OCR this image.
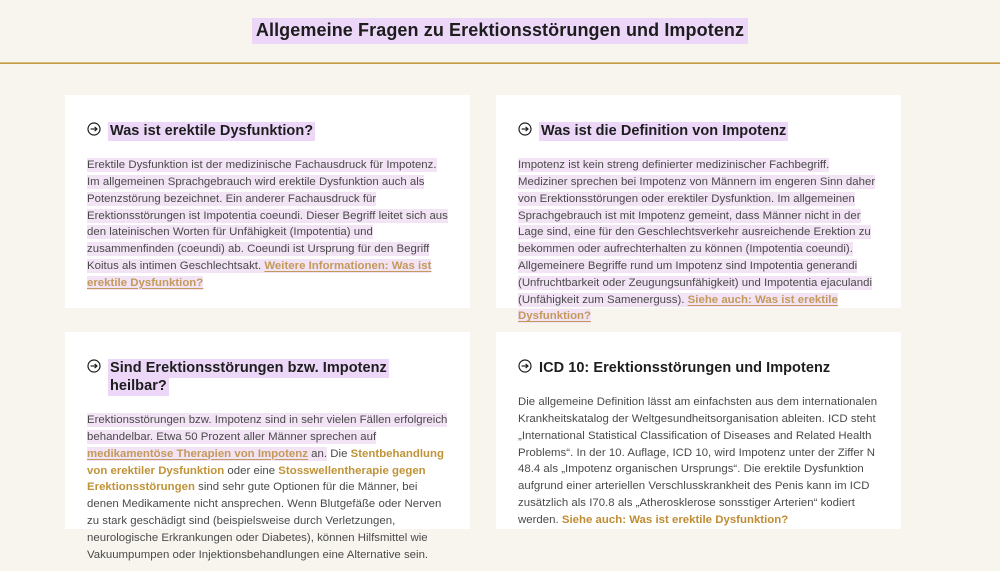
Allgemeine Fragen zu Erektionsstörungen und Impotenz
Was ist erektile Dysfunktion?
Erektile Dysfunktion ist der medizinische Fachausdruck für Impotenz. Im allgemeinen Sprachgebrauch wird erektile Dysfunktion auch als Potenzstörung bezeichnet. Ein anderer Fachausdruck für Erektionsstörungen ist Impotentia coeundi. Dieser Begriff leitet sich aus den lateinischen Worten für Unfähigkeit (Impotentia) und zusammenfinden (coeundi) ab. Coeundi ist Ursprung für den Begriff Koitus als intimen Geschlechtsakt. Weitere Informationen: Was ist erektile Dysfunktion?
Was ist die Definition von Impotenz
Impotenz ist kein streng definierter medizinischer Fachbegriff. Mediziner sprechen bei Impotenz von Männern im engeren Sinn daher von Erektionsstörungen oder erektiler Dysfunktion. Im allgemeinen Sprachgebrauch ist mit Impotenz gemeint, dass Männer nicht in der Lage sind, eine für den Geschlechtsverkehr ausreichende Erektion zu bekommen oder aufrechterhalten zu können (Impotentia coeundi). Allgemeinere Begriffe rund um Impotenz sind Impotentia generandi (Unfruchtbarkeit oder Zeugungsunfähigkeit) und Impotentia ejaculandi (Unfähigkeit zum Samenerguss). Siehe auch: Was ist erektile Dysfunktion?
Sind Erektionsstörungen bzw. Impotenz heilbar?
Erektionsstörungen bzw. Impotenz sind in sehr vielen Fällen erfolgreich behandelbar. Etwa 50 Prozent aller Männer sprechen auf medikamentöse Therapien von Impotenz an. Die Stentbehandlung von erektiler Dysfunktion oder eine Stosswellentherapie gegen Erektionsstörungen sind sehr gute Optionen für die Männer, bei denen Medikamente nicht ansprechen. Wenn Blutgefäße oder Nerven zu stark geschädigt sind (beispielsweise durch Verletzungen, neurologische Erkrankungen oder Diabetes), können Hilfsmittel wie Vakuumpumpen oder Injektionsbehandlungen eine Alternative sein.
ICD 10: Erektionsstörungen und Impotenz
Die allgemeine Definition lässt am einfachsten aus dem internationalen Krankheitskatalog der Weltgesundheitsorganisation ableiten. ICD steht „International Statistical Classification of Diseases and Related Health Problems“. In der 10. Auflage, ICD 10, wird Impotenz unter der Ziffer N 48.4 als „Impotenz organischen Ursprungs“. Die erektile Dysfunktion aufgrund einer arteriellen Verschlusskrankheit des Penis kann im ICD zusätzlich als I70.8 als „Atherosklerose sonsstiger Arterien“ kodiert werden. Siehe auch: Was ist erektile Dysfunktion?
